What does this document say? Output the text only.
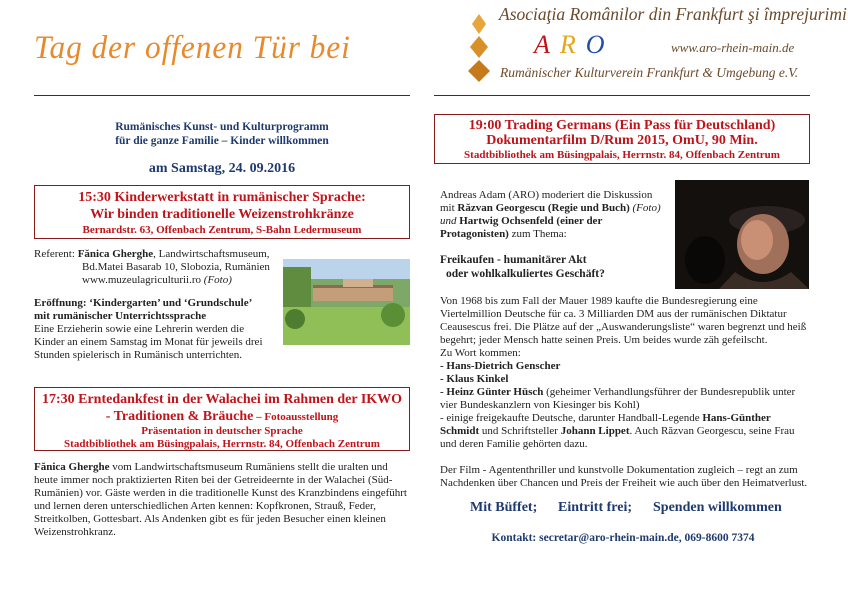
Tag der offenen Tür bei
Asociaţia Românilor din Frankfurt şi împrejurimi
ARO	www.aro-rhein-main.de
Rumänischer Kulturverein Frankfurt & Umgebung e.V.

Rumänisches Kunst- und Kulturprogramm

für die ganze Familie – Kinder willkommen

am Samstag, 24. 09.2016

15:30 Kinderwerkstatt in rumänischer Sprache:

Wir binden traditionelle Weizenstrohkränze

Bernardstr. 63, Offenbach Zentrum, S-Bahn Ledermuseum

Referent: Fănica Gherghe, Landwirtschaftsmuseum,

Bd.Matei Basarab 10, Slobozia, Rumänien

www.muzeulagriculturii.ro (Foto)

Eröffnung: ‘Kindergarten’ und ‘Grundschule’

mit rumänischer Unterrichtssprache

Eine Erzieherin sowie eine Lehrerin werden die Kinder an einem Samstag im Monat für jeweils drei Stunden spielerisch in Rumänisch unterrichten.

17:30 Erntedankfest in der Walachei im Rahmen der IKWO

- Traditionen & Bräuche – Fotoausstellung

Präsentation in deutscher Sprache

Stadtbibliothek am Büsingpalais, Herrnstr. 84, Offenbach Zentrum

Fănica Gherghe vom Landwirtschaftsmuseum Rumäniens stellt die uralten und heute immer noch praktizierten Riten bei der Getreideernte in der Walachei (Süd-Rumänien) vor. Gäste werden in die traditionelle Kunst des Kranzbindens eingeführt und lernen deren unterschiedlichen Arten kennen: Kopfkronen, Strauß, Feder, Streitkolben, Gottesbart. Als Andenken gibt es für jeden Besucher einen kleinen Weizenstrohkranz.

19:00 Trading Germans (Ein Pass für Deutschland)

Dokumentarfilm D/Rum 2015, OmU, 90 Min.

Stadtbibliothek am Büsingpalais, Herrnstr. 84, Offenbach Zentrum

Andreas Adam (ARO) moderiert die Diskussion mit Răzvan Georgescu (Regie und Buch) (Foto) und Hartwig Ochsenfeld (einer der Protagonisten) zum Thema:

Freikaufen - humanitärer Akt

oder wohlkalkuliertes Geschäft?

Von 1968 bis zum Fall der Mauer 1989 kaufte die Bundesregierung eine Viertelmillion Deutsche für ca. 3 Milliarden DM aus der rumänischen Diktatur Ceausescus frei. Die Plätze auf der „Auswanderungsliste“ waren begrenzt und heiß begehrt; jeder Mensch hatte seinen Preis. Um beides wurde zäh gefeilscht.

Zu Wort kommen:

- Hans-Dietrich Genscher

- Klaus Kinkel

- Heinz Günter Hüsch (geheimer Verhandlungsführer der Bundesrepublik unter vier Bundeskanzlern von Kiesinger bis Kohl)

- einige freigekaufte Deutsche, darunter Handball-Legende Hans-Günther Schmidt und Schriftsteller Johann Lippet. Auch Răzvan Georgescu, seine Frau und deren Familie gehörten dazu.

Der Film - Agententhriller und kunstvolle Dokumentation zugleich – regt an zum Nachdenken über Chancen und Preis der Freiheit wie auch über den Heimatverlust.

Mit Büffet; Eintritt frei; Spenden willkommen
Kontakt: secretar@aro-rhein-main.de, 069-8600 7374
